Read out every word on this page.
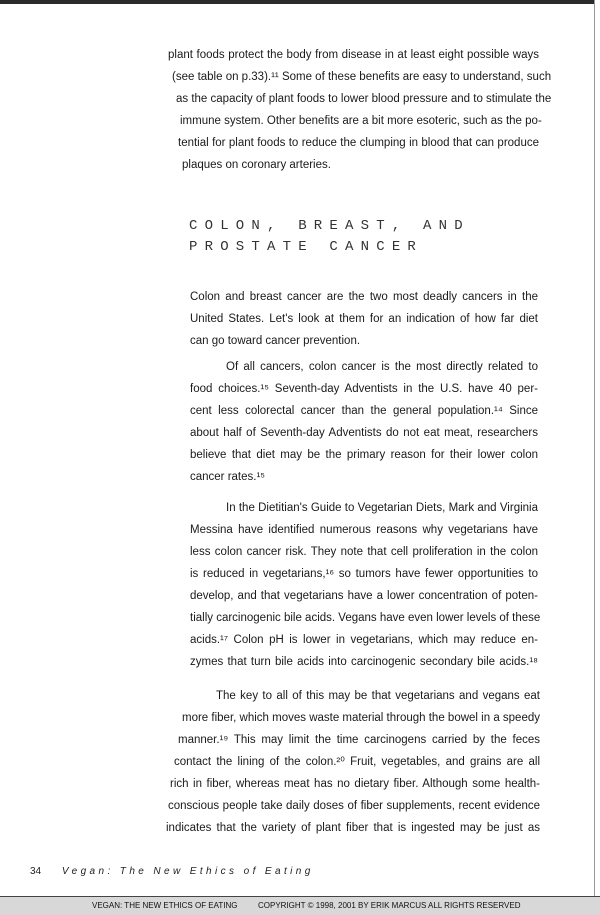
plant foods protect the body from disease in at least eight possible ways
(see table on p.33).¹¹ Some of these benefits are easy to understand, such
as the capacity of plant foods to lower blood pressure and to stimulate the
immune system. Other benefits are a bit more esoteric, such as the po-
tential for plant foods to reduce the clumping in blood that can produce
plaques on coronary arteries.
COLON, BREAST, AND
PROSTATE CANCER
Colon and breast cancer are the two most deadly cancers in the
United States. Let's look at them for an indication of how far diet
can go toward cancer prevention.
Of all cancers, colon cancer is the most directly related to
food choices.¹⁵ Seventh-day Adventists in the U.S. have 40 per-
cent less colorectal cancer than the general population.¹⁴ Since
about half of Seventh-day Adventists do not eat meat, researchers
believe that diet may be the primary reason for their lower colon
cancer rates.¹⁵
In the Dietitian's Guide to Vegetarian Diets, Mark and Virginia
Messina have identified numerous reasons why vegetarians have
less colon cancer risk. They note that cell proliferation in the colon
is reduced in vegetarians,¹⁶ so tumors have fewer opportunities to
develop, and that vegetarians have a lower concentration of poten-
tially carcinogenic bile acids. Vegans have even lower levels of these
acids.¹⁷ Colon pH is lower in vegetarians, which may reduce en-
zymes that turn bile acids into carcinogenic secondary bile acids.¹⁸
The key to all of this may be that vegetarians and vegans eat
more fiber, which moves waste material through the bowel in a speedy
manner.¹⁹ This may limit the time carcinogens carried by the feces
contact the lining of the colon.²⁰ Fruit, vegetables, and grains are all
rich in fiber, whereas meat has no dietary fiber. Although some health-
conscious people take daily doses of fiber supplements, recent evidence
indicates that the variety of plant fiber that is ingested may be just as
34 Vegan: The New Ethics of Eating
VEGAN: THE NEW ETHICS OF EATING	COPYRIGHT © 1998, 2001 BY ERIK MARCUS ALL RIGHTS RESERVED
